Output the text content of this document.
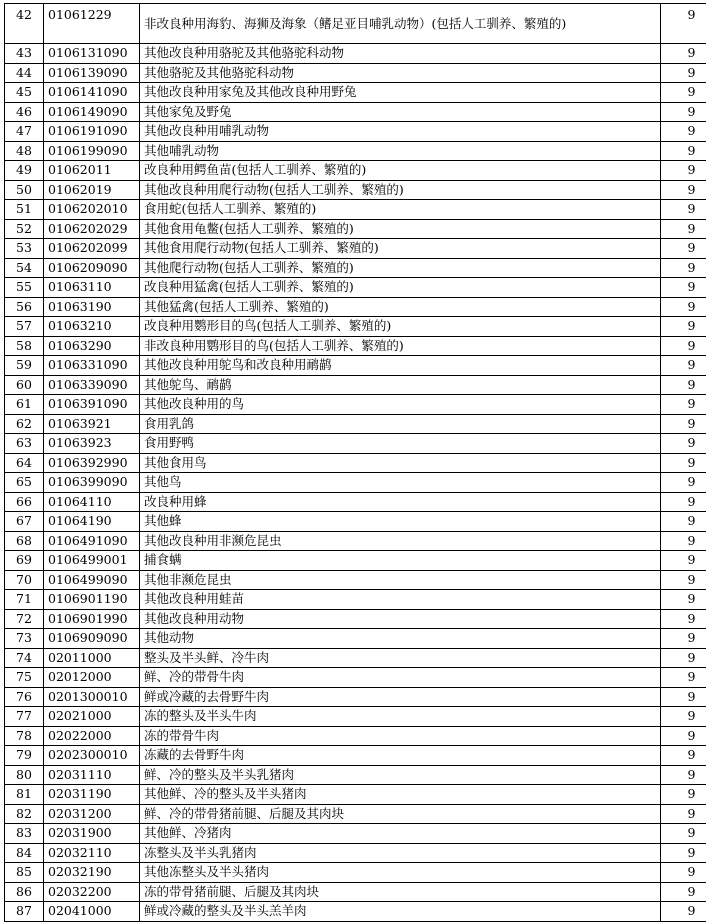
42	01061229	非改良种用海豹、海狮及海象（鳍足亚目哺乳动物）(包括人工驯养、繁殖的)	9
43	0106131090	其他改良种用骆驼及其他骆驼科动物	9
44	0106139090	其他骆驼及其他骆驼科动物	9
45	0106141090	其他改良种用家兔及其他改良种用野兔	9
46	0106149090	其他家兔及野兔	9
47	0106191090	其他改良种用哺乳动物	9
48	0106199090	其他哺乳动物	9
49	01062011	改良种用鳄鱼苗(包括人工驯养、繁殖的)	9
50	01062019	其他改良种用爬行动物(包括人工驯养、繁殖的)	9
51	0106202010	食用蛇(包括人工驯养、繁殖的)	9
52	0106202029	其他食用龟鳖(包括人工驯养、繁殖的)	9
53	0106202099	其他食用爬行动物(包括人工驯养、繁殖的)	9
54	0106209090	其他爬行动物(包括人工驯养、繁殖的)	9
55	01063110	改良种用猛禽(包括人工驯养、繁殖的)	9
56	01063190	其他猛禽(包括人工驯养、繁殖的)	9
57	01063210	改良种用鹦形目的鸟(包括人工驯养、繁殖的)	9
58	01063290	非改良种用鹦形目的鸟(包括人工驯养、繁殖的)	9
59	0106331090	其他改良种用鸵鸟和改良种用鸸鹋	9
60	0106339090	其他鸵鸟、鸸鹋	9
61	0106391090	其他改良种用的鸟	9
62	01063921	食用乳鸽	9
63	01063923	食用野鸭	9
64	0106392990	其他食用鸟	9
65	0106399090	其他鸟	9
66	01064110	改良种用蜂	9
67	01064190	其他蜂	9
68	0106491090	其他改良种用非濒危昆虫	9
69	0106499001	捕食螨	9
70	0106499090	其他非濒危昆虫	9
71	0106901190	其他改良种用蛙苗	9
72	0106901990	其他改良种用动物	9
73	0106909090	其他动物	9
74	02011000	整头及半头鲜、冷牛肉	9
75	02012000	鲜、冷的带骨牛肉	9
76	0201300010	鲜或冷藏的去骨野牛肉	9
77	02021000	冻的整头及半头牛肉	9
78	02022000	冻的带骨牛肉	9
79	0202300010	冻藏的去骨野牛肉	9
80	02031110	鲜、冷的整头及半头乳猪肉	9
81	02031190	其他鲜、冷的整头及半头猪肉	9
82	02031200	鲜、冷的带骨猪前腿、后腿及其肉块	9
83	02031900	其他鲜、冷猪肉	9
84	02032110	冻整头及半头乳猪肉	9
85	02032190	其他冻整头及半头猪肉	9
86	02032200	冻的带骨猪前腿、后腿及其肉块	9
87	02041000	鲜或冷藏的整头及半头羔羊肉	9
